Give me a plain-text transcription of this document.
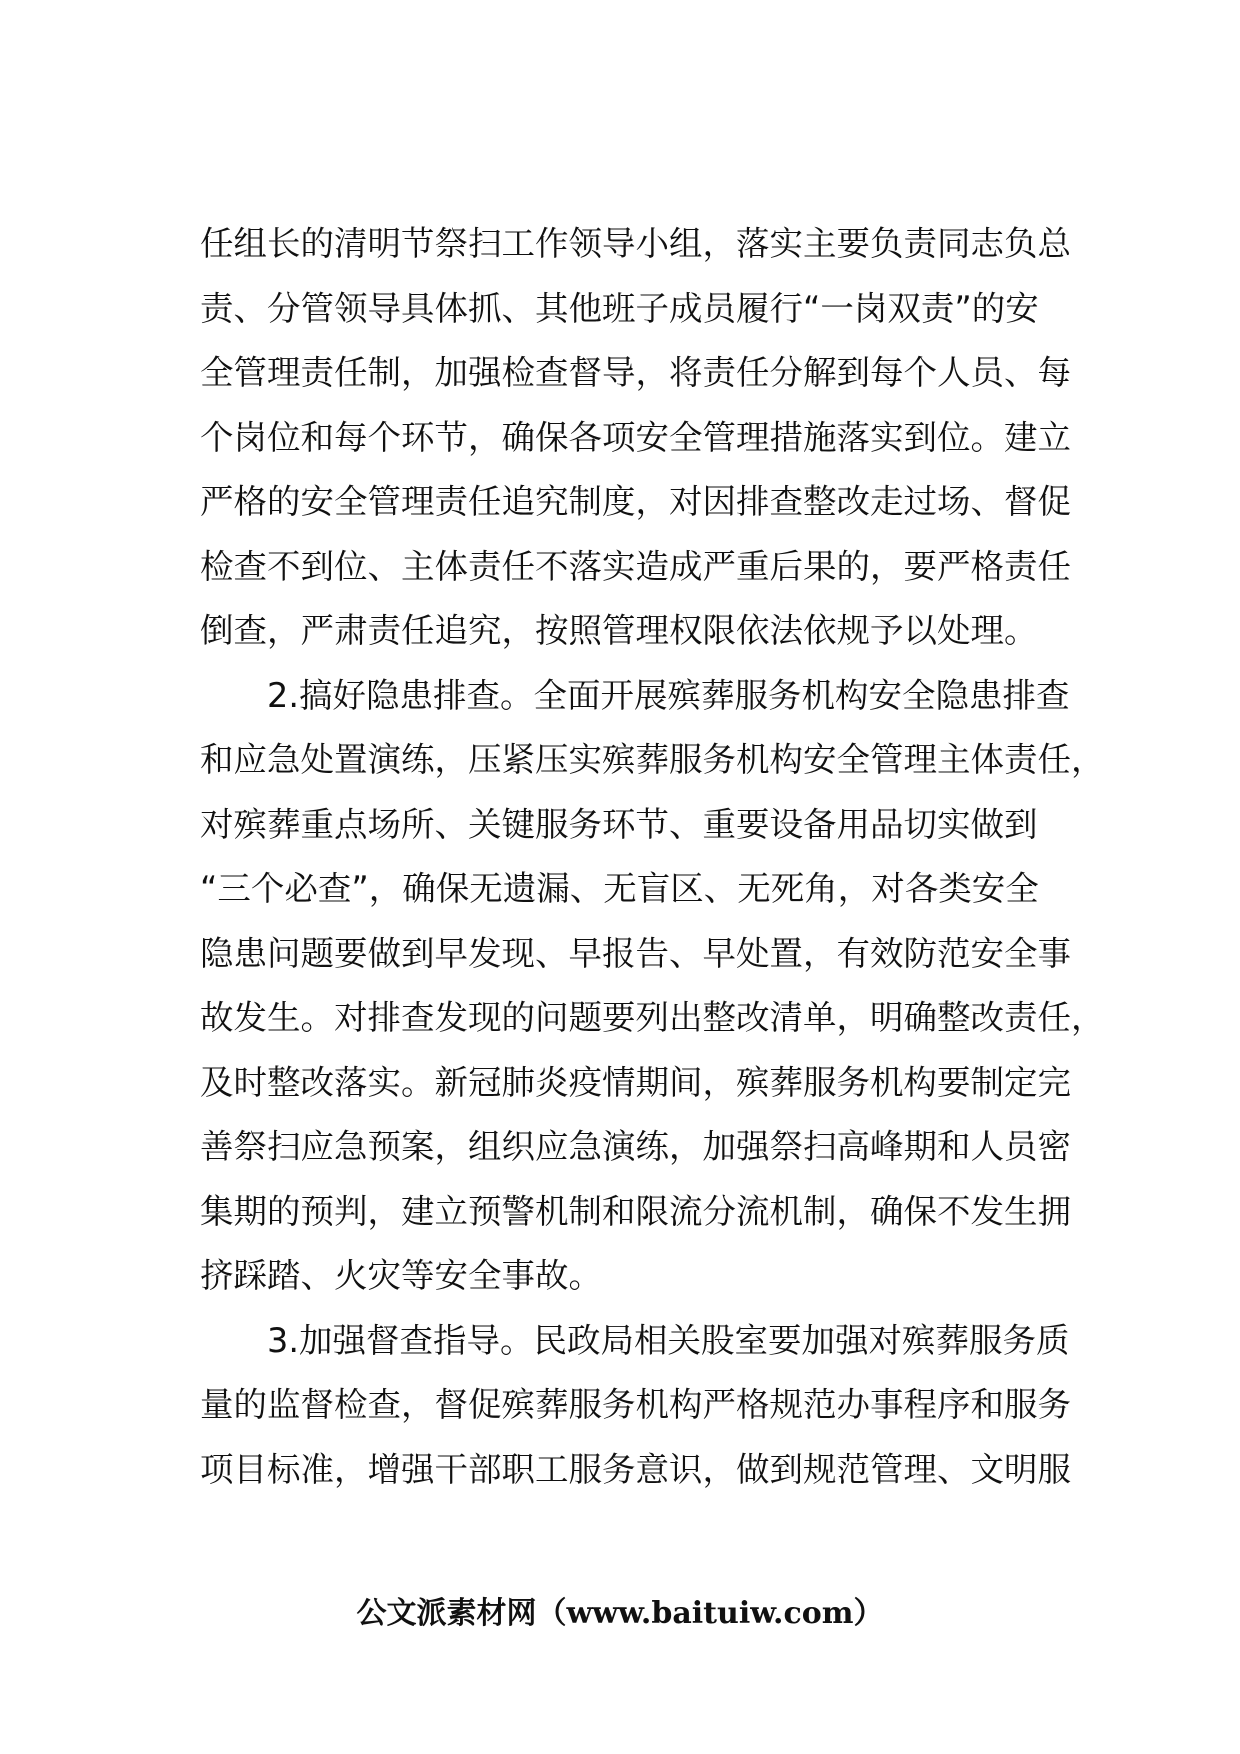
任组长的清明节祭扫工作领导小组，落实主要负责同志负总
责、分管领导具体抓、其他班子成员履行“一岗双责”的安
全管理责任制，加强检查督导，将责任分解到每个人员、每
个岗位和每个环节，确保各项安全管理措施落实到位。建立
严格的安全管理责任追究制度，对因排查整改走过场、督促
检查不到位、主体责任不落实造成严重后果的，要严格责任
倒查，严肃责任追究，按照管理权限依法依规予以处理。
2.搞好隐患排查。全面开展殡葬服务机构安全隐患排查
和应急处置演练，压紧压实殡葬服务机构安全管理主体责任，
对殡葬重点场所、关键服务环节、重要设备用品切实做到
“三个必查”，确保无遗漏、无盲区、无死角，对各类安全
隐患问题要做到早发现、早报告、早处置，有效防范安全事
故发生。对排查发现的问题要列出整改清单，明确整改责任，
及时整改落实。新冠肺炎疫情期间，殡葬服务机构要制定完
善祭扫应急预案，组织应急演练，加强祭扫高峰期和人员密
集期的预判，建立预警机制和限流分流机制，确保不发生拥
挤踩踏、火灾等安全事故。
3.加强督查指导。民政局相关股室要加强对殡葬服务质
量的监督检查，督促殡葬服务机构严格规范办事程序和服务
项目标准，增强干部职工服务意识，做到规范管理、文明服
公文派素材网（www.baituiw.com）
